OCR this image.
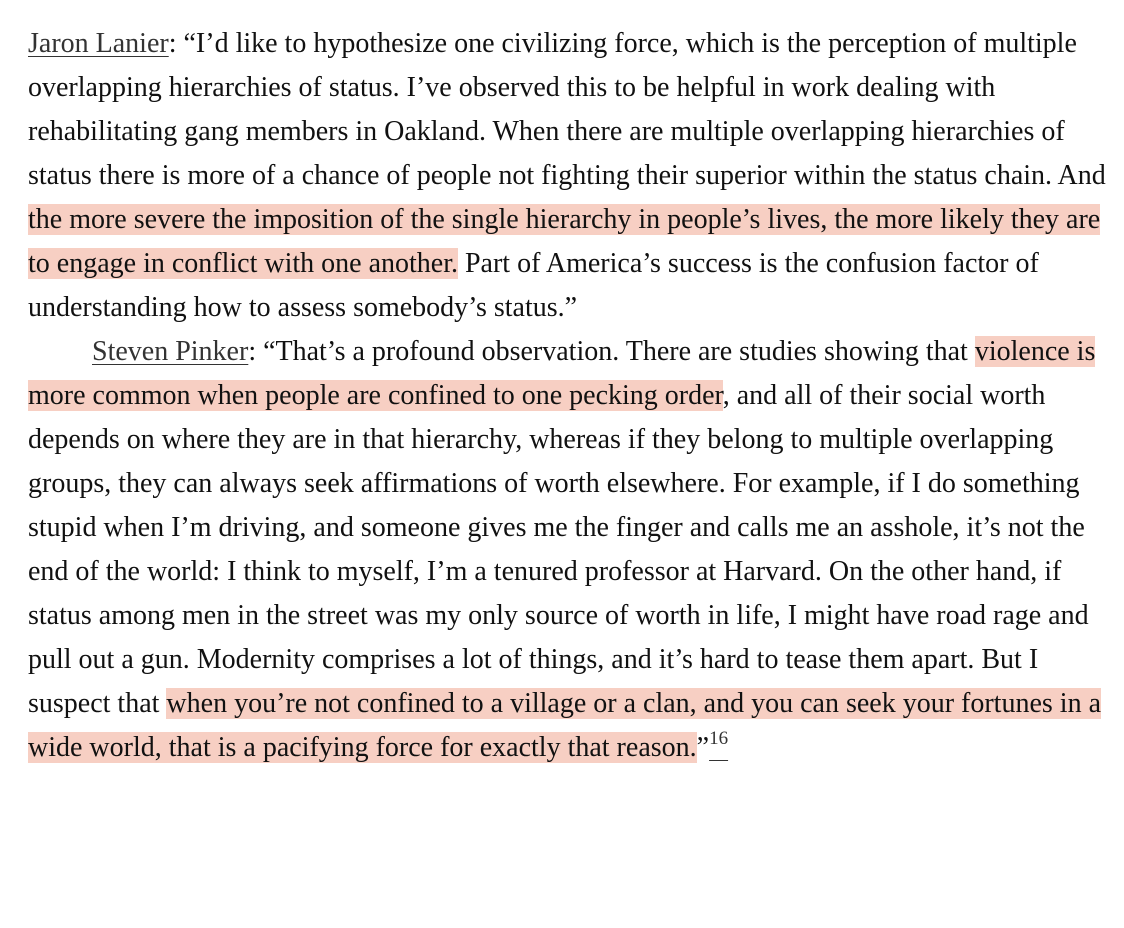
Jaron Lanier: “I’d like to hypothesize one civilizing force, which is the perception of multiple overlapping hierarchies of status. I’ve observed this to be helpful in work dealing with rehabilitating gang members in Oakland. When there are multiple overlapping hierarchies of status there is more of a chance of people not fighting their superior within the status chain. And the more severe the imposition of the single hierarchy in people’s lives, the more likely they are to engage in conflict with one another. Part of America’s success is the confusion factor of understanding how to assess somebody’s status.”

Steven Pinker: “That’s a profound observation. There are studies showing that violence is more common when people are confined to one pecking order, and all of their social worth depends on where they are in that hierarchy, whereas if they belong to multiple overlapping groups, they can always seek affirmations of worth elsewhere. For example, if I do something stupid when I’m driving, and someone gives me the finger and calls me an asshole, it’s not the end of the world: I think to myself, I’m a tenured professor at Harvard. On the other hand, if status among men in the street was my only source of worth in life, I might have road rage and pull out a gun. Modernity comprises a lot of things, and it’s hard to tease them apart. But I suspect that when you’re not confined to a village or a clan, and you can seek your fortunes in a wide world, that is a pacifying force for exactly that reason.”$^{16}$
